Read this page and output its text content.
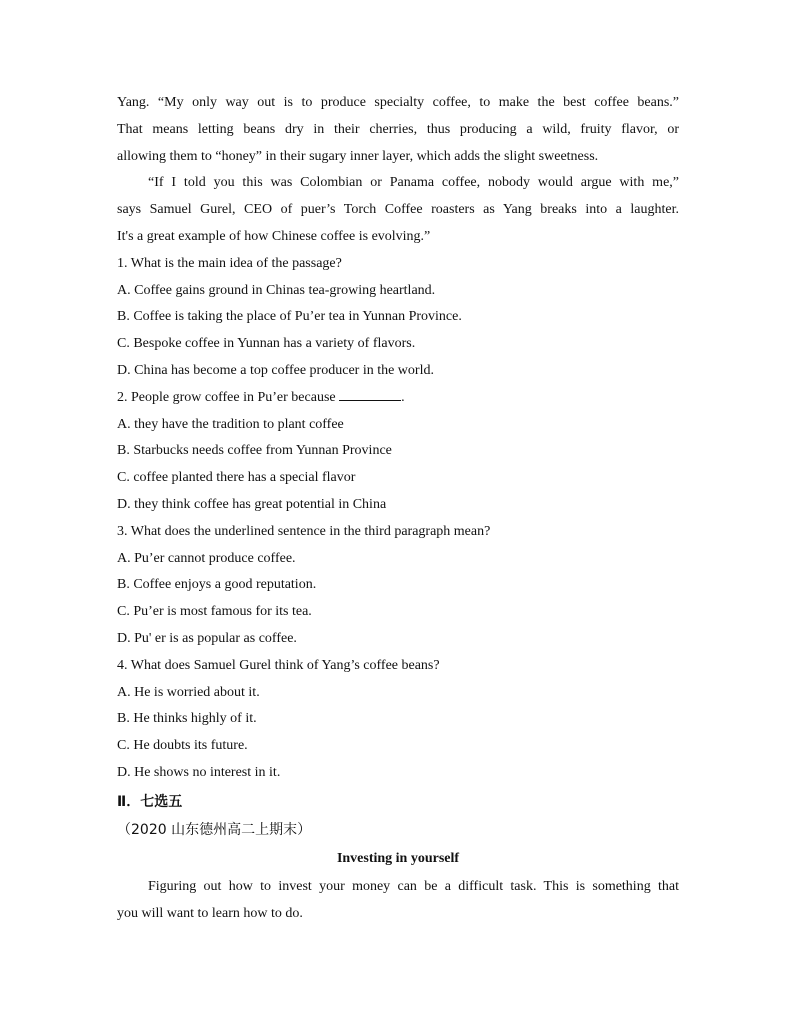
Yang. “My only way out is to produce specialty coffee, to make the best coffee beans.”
That means letting beans dry in their cherries, thus producing a wild, fruity flavor, or
allowing them to “honey” in their sugary inner layer, which adds the slight sweetness.
“If I told you this was Colombian or Panama coffee, nobody would argue with me,”
says Samuel Gurel, CEO of puer’s Torch Coffee roasters as Yang breaks into a laughter.
It's a great example of how Chinese coffee is evolving.”
1. What is the main idea of the passage?
A. Coffee gains ground in Chinas tea-growing heartland.
B. Coffee is taking the place of Pu’er tea in Yunnan Province.
C. Bespoke coffee in Yunnan has a variety of flavors.
D. China has become a top coffee producer in the world.
2. People grow coffee in Pu’er because	.
A. they have the tradition to plant coffee
B. Starbucks needs coffee from Yunnan Province
C. coffee planted there has a special flavor
D. they think coffee has great potential in China
3. What does the underlined sentence in the third paragraph mean?
A. Pu’er cannot produce coffee.
B. Coffee enjoys a good reputation.
C. Pu’er is most famous for its tea.
D. Pu' er is as popular as coffee.
4. What does Samuel Gurel think of Yang’s coffee beans?
A. He is worried about it.
B. He thinks highly of it.
C. He doubts its future.
D. He shows no interest in it.
Ⅱ．七选五
（2020 山东德州高二上期末）
Investing in yourself
Figuring out how to invest your money can be a difficult task. This is something that
you will want to learn how to do.
